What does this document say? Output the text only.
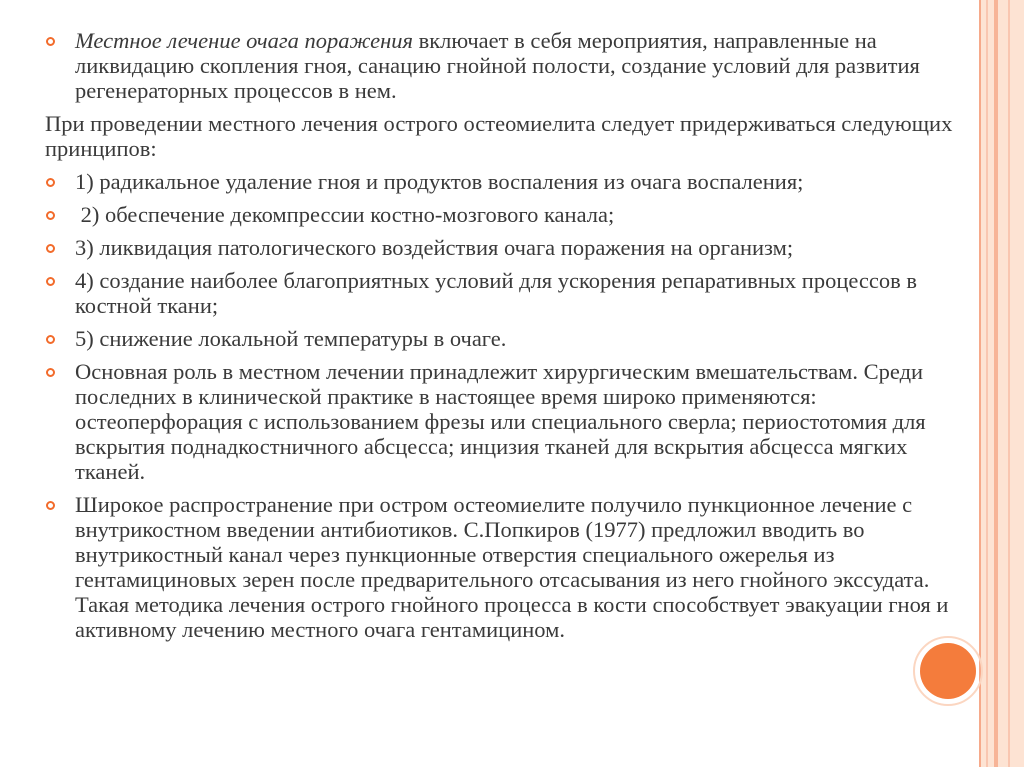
Местное лечение очага поражения включает в себя мероприятия, направленные на ликвидацию скопления гноя, санацию гнойной полости, создание условий для развития регенераторных процессов в нем.

При проведении местного лечения острого остеомиелита следует придерживаться следующих принципов:

1) радикальное удаление гноя и продуктов воспаления из очага воспаления;

2) обеспечение декомпрессии костно-мозгового канала;

3) ликвидация патологического воздействия очага поражения на организм;

4) создание наиболее благоприятных условий для ускорения репаративных процессов в костной ткани;

5) снижение локальной температуры в очаге.

Основная роль в местном лечении принадлежит хирургическим вмешательствам. Среди последних в клинической практике в настоящее время широко применяются: остеоперфорация с использованием фрезы или специального сверла; периостотомия для вскрытия поднадкостничного абсцесса; инцизия тканей для вскрытия абсцесса мягких тканей.

Широкое распространение при остром остеомиелите получило пункционное лечение с внутрикостном введении антибиотиков. С.Попкиров (1977) предложил вводить во внутрикостный канал через пункционные отверстия специального ожерелья из гентамициновых зерен после предварительного отсасывания из него гнойного экссудата. Такая методика лечения острого гнойного процесса в кости способствует эвакуации гноя и активному лечению местного очага гентамицином.
